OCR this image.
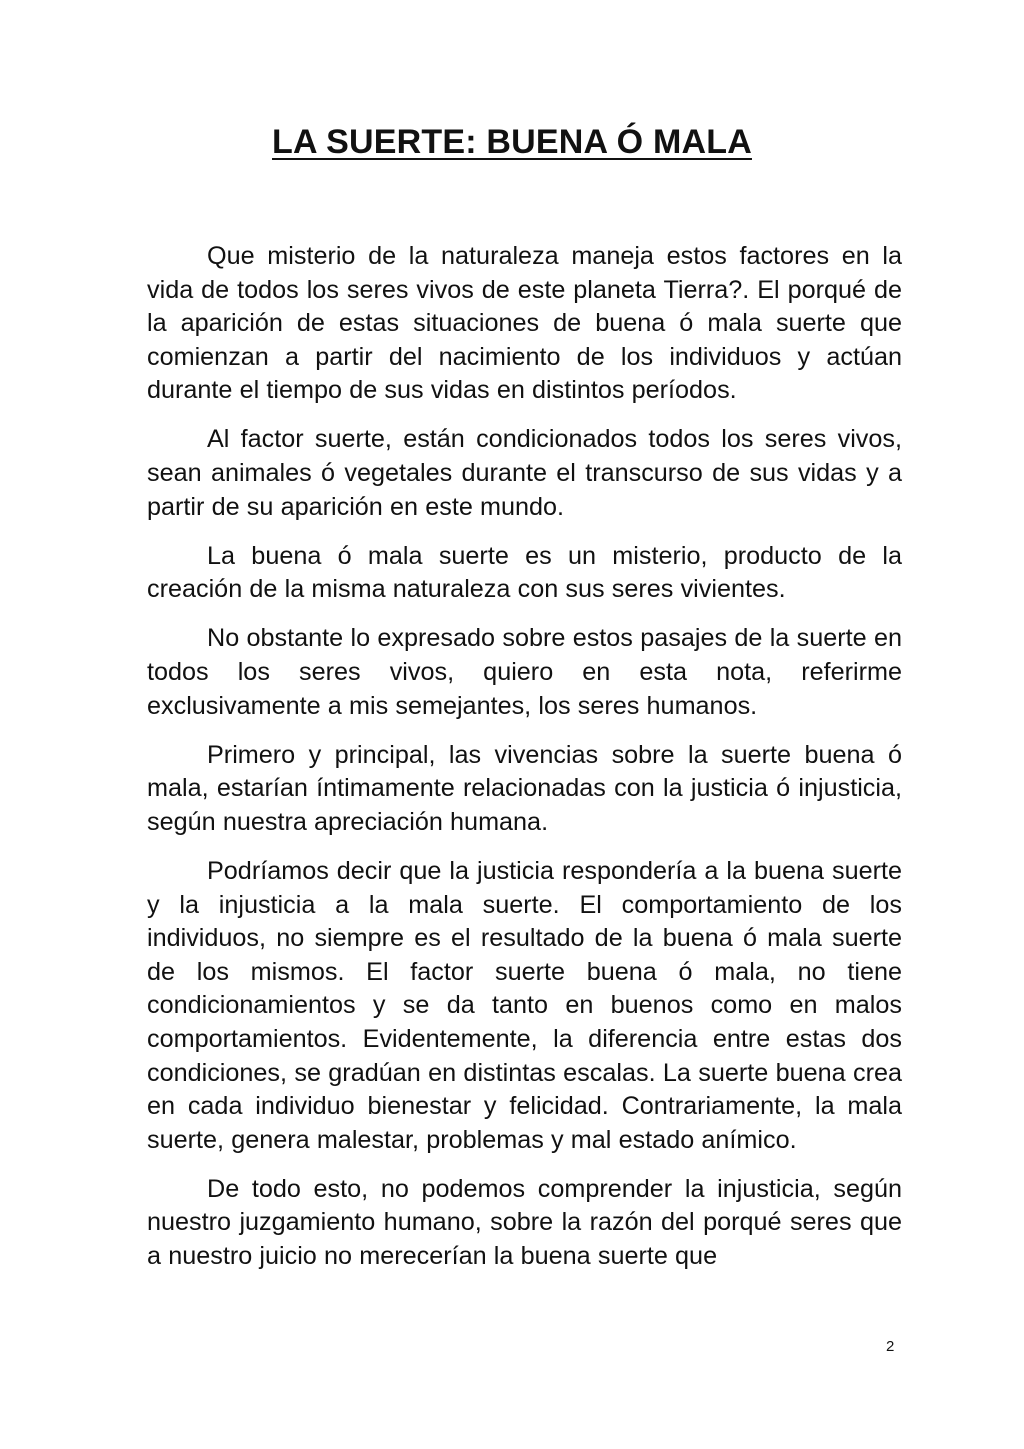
LA SUERTE: BUENA Ó MALA

Que misterio de la naturaleza maneja estos factores en la vida de todos los seres vivos de este planeta Tierra?. El porqué de la aparición de estas situaciones de buena ó mala suerte que comienzan a partir del nacimiento de los individuos y actúan durante el tiempo de sus vidas en distintos períodos.

Al factor suerte, están condicionados todos los seres vivos, sean animales ó vegetales durante el transcurso de sus vidas y a partir de su aparición en este mundo.

La buena ó mala suerte es un misterio, producto de la creación de la misma naturaleza con sus seres vivientes.

No obstante lo expresado sobre estos pasajes de la suerte en todos los seres vivos, quiero en esta nota, referirme exclusivamente a mis semejantes, los seres humanos.

Primero y principal, las vivencias sobre la suerte buena ó mala, estarían íntimamente relacionadas con la justicia ó injusticia, según nuestra apreciación humana.

Podríamos decir que la justicia respondería a la buena suerte y la injusticia a la mala suerte. El comportamiento de los individuos, no siempre es el resultado de la buena ó mala suerte de los mismos. El factor suerte buena ó mala, no tiene condicionamientos y se da tanto en buenos como en malos comportamientos. Evidentemente, la diferencia entre estas dos condiciones, se gradúan en distintas escalas. La suerte buena crea en cada individuo bienestar y felicidad. Contrariamente, la mala suerte, genera malestar, problemas y mal estado anímico.

De todo esto, no podemos comprender la injusticia, según nuestro juzgamiento humano, sobre la razón del porqué seres que a nuestro juicio no merecerían la buena suerte que

2
